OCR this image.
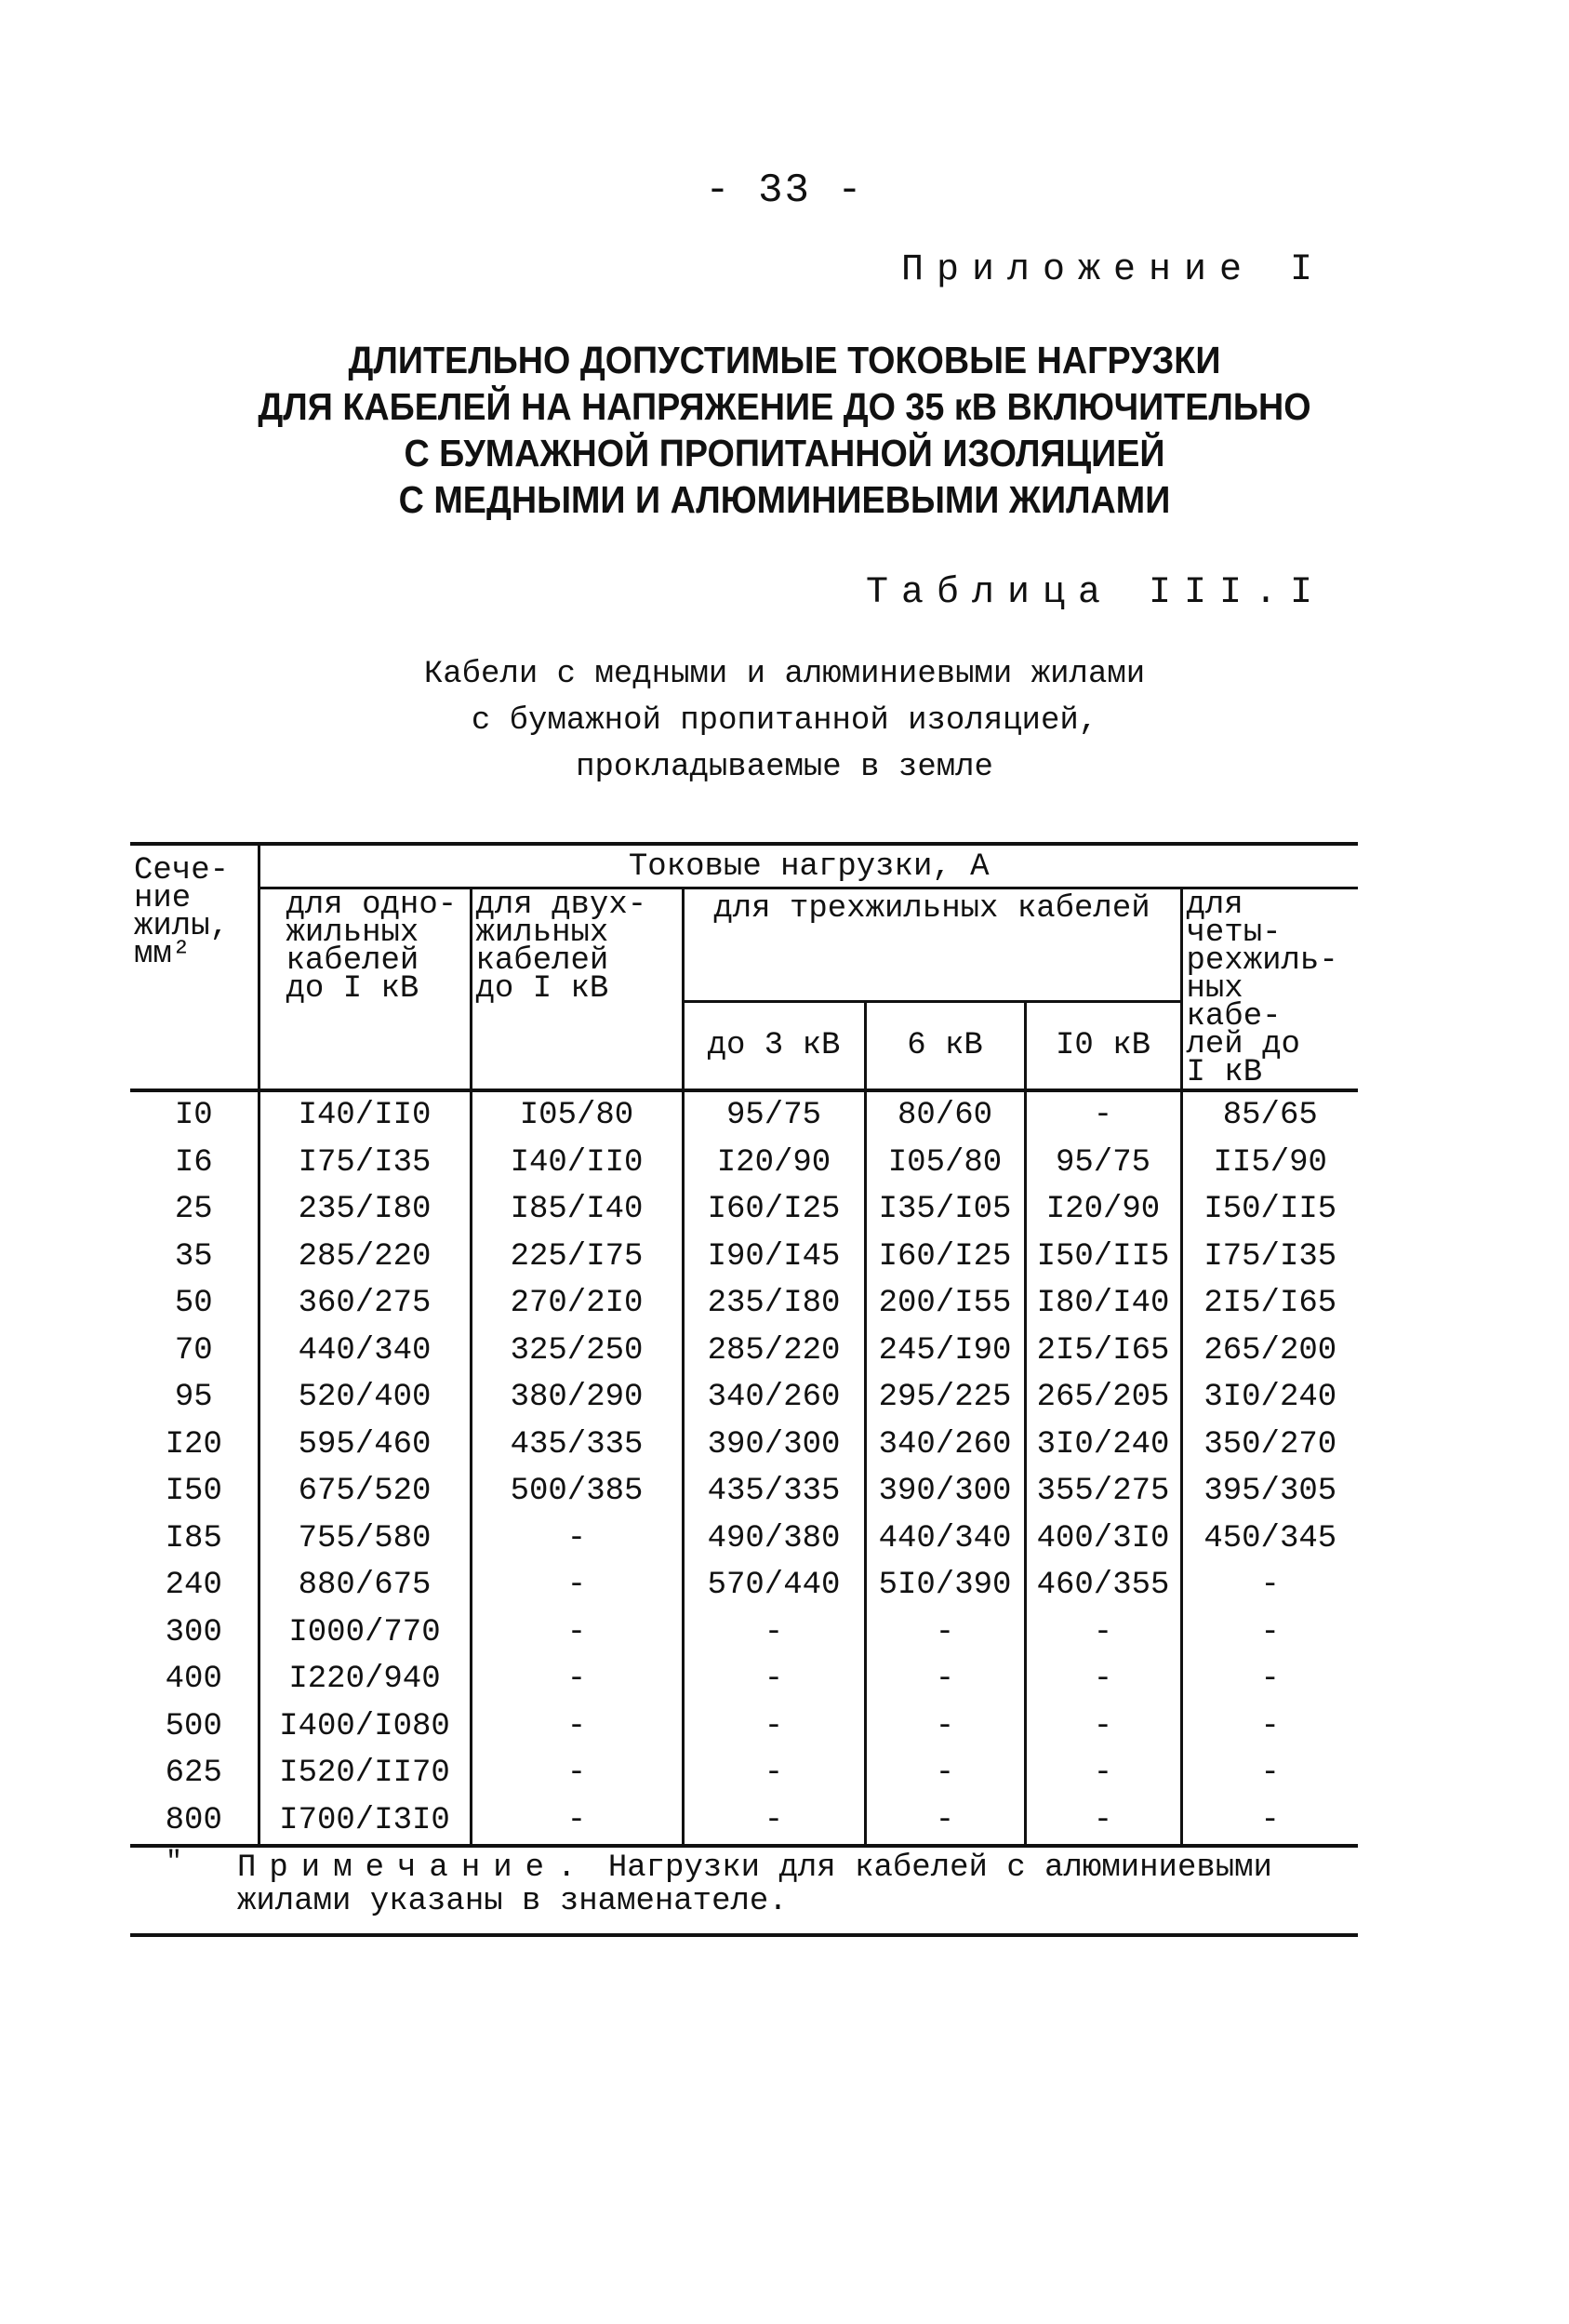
- 33 -
Приложение I
ДЛИТЕЛЬНО ДОПУСТИМЫЕ ТОКОВЫЕ НАГРУЗКИ
ДЛЯ КАБЕЛЕЙ НА НАПРЯЖЕНИЕ ДО 35 кВ ВКЛЮЧИТЕЛЬНО
С БУМАЖНОЙ ПРОПИТАННОЙ ИЗОЛЯЦИЕЙ
С МЕДНЫМИ И АЛЮМИНИЕВЫМИ ЖИЛАМИ
Таблица III.I
Кабели с медными и алюминиевыми жилами
с бумажной пропитанной изоляцией,
прокладываемые в земле
Сече-
ние
жилы,
мм²	Токовые нагрузки, А					
	для одно-
жильных
кабелей
до I кВ	для двух-
жильных
кабелей
до I кВ	для трехжильных кабелей			для четы-
рехжиль-
ных кабе-
лей до
I кВ
			до 3 кВ	6 кВ	I0 кВ	
I0	I40/II0	I05/80	95/75	80/60	-	85/65
I6	I75/I35	I40/II0	I20/90	I05/80	95/75	II5/90
25	235/I80	I85/I40	I60/I25	I35/I05	I20/90	I50/II5
35	285/220	225/I75	I90/I45	I60/I25	I50/II5	I75/I35
50	360/275	270/2I0	235/I80	200/I55	I80/I40	2I5/I65
70	440/340	325/250	285/220	245/I90	2I5/I65	265/200
95	520/400	380/290	340/260	295/225	265/205	3I0/240
I20	595/460	435/335	390/300	340/260	3I0/240	350/270
I50	675/520	500/385	435/335	390/300	355/275	395/305
I85	755/580	-	490/380	440/340	400/3I0	450/345
240	880/675	-	570/440	5I0/390	460/355	-
300	I000/770	-	-	-	-	-
400	I220/940	-	-	-	-	-
500	I400/I080	-	-	-	-	-
625	I520/II70	-	-	-	-	-
800	I700/I3I0	-	-	-	-	-
" Примечание. Нагрузки для кабелей с алюминиевыми жилами указаны в знаменателе.
